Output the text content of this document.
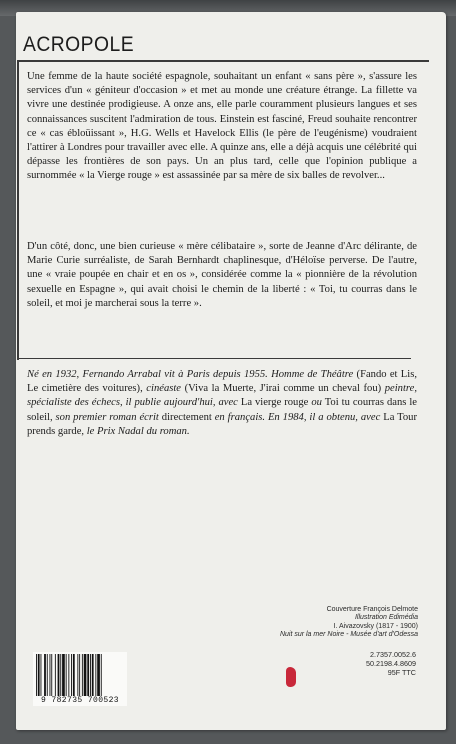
ACROPOLE

Une femme de la haute société espagnole, souhaitant un enfant « sans père », s'assure les services d'un « géniteur d'occasion » et met au monde une créature étrange. La fillette va vivre une destinée prodigieuse. A onze ans, elle parle couramment plusieurs langues et ses connaissances suscitent l'admiration de tous. Einstein est fasciné, Freud souhaite rencontrer ce « cas ébloüissant », H.G. Wells et Havelock Ellis (le père de l'eugénisme) voudraient l'attirer à Londres pour travailler avec elle. A quinze ans, elle a déjà acquis une célébrité qui dépasse les frontières de son pays. Un an plus tard, celle que l'opinion publique a surnommée « la Vierge rouge » est assassinée par sa mère de six balles de revolver...

D'un côté, donc, une bien curieuse « mère célibataire », sorte de Jeanne d'Arc délirante, de Marie Curie surréaliste, de Sarah Bernhardt chaplinesque, d'Héloïse perverse. De l'autre, une « vraie poupée en chair et en os », considérée comme la « pionnière de la révolution sexuelle en Espagne », qui avait choisi le chemin de la liberté : « Toi, tu courras dans le soleil, et moi je marcherai sous la terre ».

Né en 1932, Fernando Arrabal vit à Paris depuis 1955. Homme de Théâtre (Fando et Lis, Le cimetière des voitures), cinéaste (Viva la Muerte, J'irai comme un cheval fou) peintre, spécialiste des échecs, il publie aujourd'hui, avec La vierge rouge ou Toi tu courras dans le soleil, son premier roman écrit directement en français. En 1984, il a obtenu, avec La Tour prends garde, le Prix Nadal du roman.

Couverture François Delmote
Illustration Edimédia
I. Aivazovsky (1817 - 1900)
Nuit sur la mer Noire - Musée d'art d'Odessa
2.7357.0052.6
50.2198.4.8609
95F TTC
9 782735 700523
